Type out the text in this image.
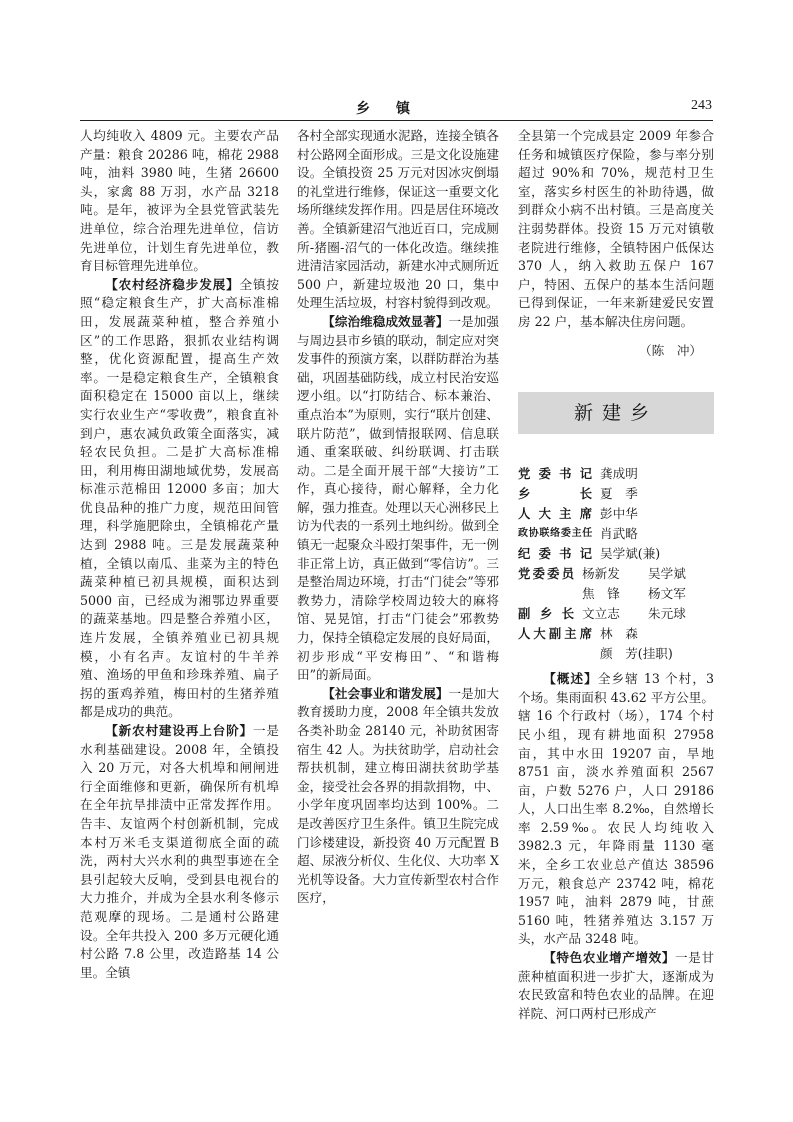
乡镇	243

人均纯收入 4809 元。主要农产品产量：粮食 20286 吨，棉花 2988 吨，油料 3980 吨，生猪 26600 头，家禽 88 万羽，水产品 3218 吨。是年，被评为全县党管武装先进单位，综合治理先进单位，信访先进单位，计划生育先进单位，教育目标管理先进单位。

【农村经济稳步发展】全镇按照“稳定粮食生产，扩大高标准棉田，发展蔬菜种植，整合养殖小区”的工作思路，狠抓农业结构调整，优化资源配置，提高生产效率。一是稳定粮食生产，全镇粮食面积稳定在 15000 亩以上，继续实行农业生产“零收费”，粮食直补到户，惠农减负政策全面落实，减轻农民负担。二是扩大高标准棉田，利用梅田湖地域优势，发展高标准示范棉田 12000 多亩；加大优良品种的推广力度，规范田间管理，科学施肥除虫，全镇棉花产量达到 2988 吨。三是发展蔬菜种植，全镇以南瓜、韭菜为主的特色蔬菜种植已初具规模，面积达到5000 亩，已经成为湘鄂边界重要的蔬菜基地。四是整合养殖小区，连片发展，全镇养殖业已初具规模，小有名声。友谊村的牛羊养殖、渔场的甲鱼和珍珠养殖、扁子拐的蛋鸡养殖，梅田村的生猪养殖都是成功的典范。

【新农村建设再上台阶】一是水利基础建设。2008 年，全镇投入 20 万元，对各大机埠和闸闸进行全面维修和更新，确保所有机埠在全年抗旱排渍中正常发挥作用。告丰、友谊两个村创新机制，完成本村万米毛支渠道彻底全面的疏洗，两村大兴水利的典型事迹在全县引起较大反响，受到县电视台的大力推介，并成为全县水利冬修示范观摩的现场。二是通村公路建设。全年共投入 200 多万元硬化通村公路 7.8 公里，改造路基 14 公里。全镇

各村全部实现通水泥路，连接全镇各村公路网全面形成。三是文化设施建设。全镇投资 25 万元对因冰灾倒塌的礼堂进行维修，保证这一重要文化场所继续发挥作用。四是居住环境改善。全镇新建沼气池近百口，完成厕所-猪圈-沼气的一体化改造。继续推进清洁家园活动，新建水冲式厕所近 500 户，新建垃圾池 20 口，集中处理生活垃圾，村容村貌得到改观。

【综治维稳成效显著】一是加强与周边县市乡镇的联动，制定应对突发事件的预演方案，以群防群治为基础，巩固基础防线，成立村民治安巡逻小组。以“打防结合、标本兼治、重点治本”为原则，实行“联片创建、联片防范”，做到情报联网、信息联通、重案联破、纠纷联调、打击联动。二是全面开展干部“大接访”工作，真心接待，耐心解释，全力化解，强力推查。处理以天心洲移民上访为代表的一系列土地纠纷。做到全镇无一起聚众斗殴打架事件，无一例非正常上访，真正做到“零信访”。三是整治周边环境，打击“门徒会”等邪教势力，清除学校周边较大的麻将馆、晃晃馆，打击“门徒会”邪教势力，保持全镇稳定发展的良好局面，初步形成“平安梅田”、“和谐梅田”的新局面。

【社会事业和谐发展】一是加大教育援助力度，2008 年全镇共发放各类补助金 28140 元，补助贫困寄宿生 42 人。为扶贫助学，启动社会帮扶机制，建立梅田湖扶贫助学基金，接受社会各界的捐款捐物，中、小学年度巩固率均达到 100%。二是改善医疗卫生条件。镇卫生院完成门诊楼建设，新投资 40 万元配置 B 超、尿液分析仪、生化仪、大功率 X 光机等设备。大力宣传新型农村合作医疗，

全县第一个完成县定 2009 年参合任务和城镇医疗保险，参与率分别超过 90%和 70%，规范村卫生室，落实乡村医生的补助待遇，做到群众小病不出村镇。三是高度关注弱势群体。投资 15 万元对镇敬老院进行维修，全镇特困户低保达 370 人，纳入救助五保户 167 户，特困、五保户的基本生活问题已得到保证，一年来新建爱民安置房 22 户，基本解决住房问题。

（陈　冲）
新建乡
党委书记 龚成明
乡　　长 夏　季
人大主席 彭中华
政协联络委主任 肖武略
纪委书记 吴学斌(兼)
党委委员 杨新发	吴学斌
焦　锋	杨文军
副 乡 长 文立志	朱元球
人大副主席 林　森
颜　芳(挂职)

【概述】全乡辖 13 个村，3 个场。集雨面积 43.62 平方公里。辖 16 个行政村（场），174 个村民小组，现有耕地面积 27958 亩，其中水田 19207 亩，旱地 8751 亩，淡水养殖面积 2567 亩，户数 5276 户，人口 29186 人，人口出生率 8.2‰，自然增长率 2.59‰。农民人均纯收入 3982.3 元，年降雨量 1130 毫米，全乡工农业总产值达 38596 万元，粮食总产 23742 吨，棉花 1957 吨，油料 2879 吨，甘蔗 5160 吨，牲猪养殖达 3.157 万头，水产品 3248 吨。

【特色农业增产增效】一是甘蔗种植面积进一步扩大，逐渐成为农民致富和特色农业的品牌。在迎祥院、河口两村已形成产
